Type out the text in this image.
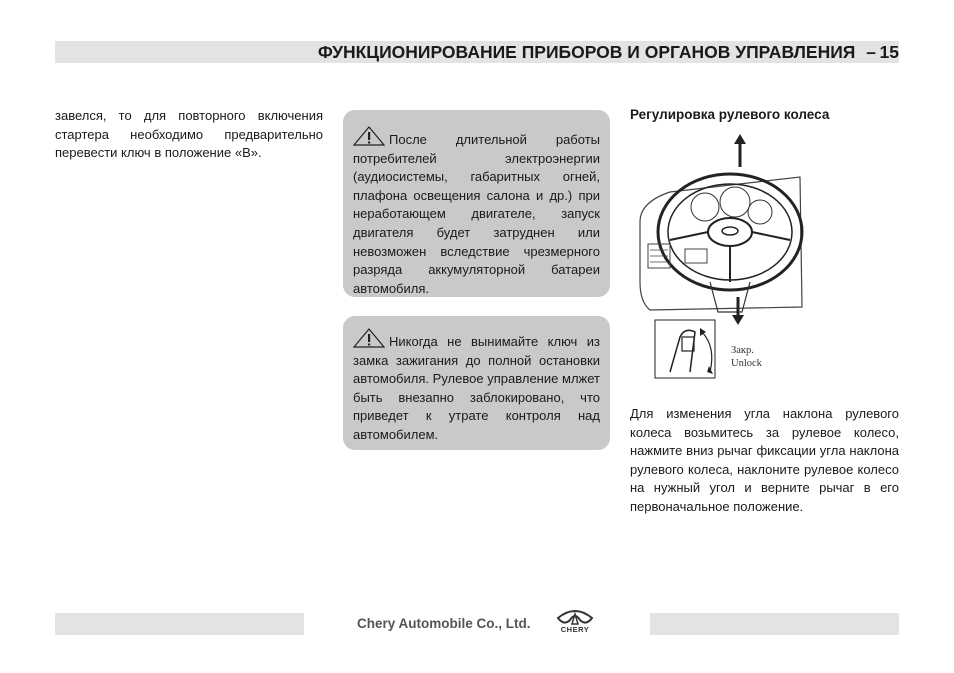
ФУНКЦИОНИРОВАНИЕ ПРИБОРОВ И ОРГАНОВ УПРАВЛЕНИЯ – 15
завелся, то для повторного включения стартера необходимо предварительно перевести ключ в положение «B».
После длительной работы потребителей электроэнергии (аудиосистемы, габаритных огней, плафона освещения салона и др.) при неработающем двигателе, запуск двигателя будет затруднен или невозможен вследствие чрезмерного разряда аккумуляторной батареи автомобиля.
Никогда не вынимайте ключ из замка зажигания до полной остановки автомобиля. Рулевое управление млжет быть внезапно заблокировано, что приведет к утрате контроля над автомобилем.
Регулировка рулевого колеса
Закр.
Unlock
Для изменения угла наклона рулевого колеса возьмитесь за рулевое колесо, нажмите вниз рычаг фиксации угла наклона рулевого колеса, наклоните рулевое колесо на нужный угол и верните рычаг в его первоначальное положение.
Chery Automobile Co., Ltd.	CHERY
